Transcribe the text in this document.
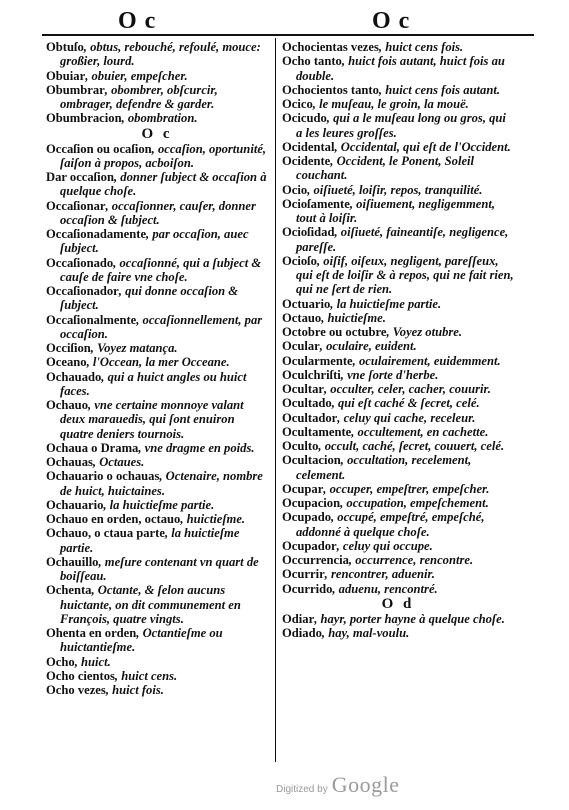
O c	O c

Obtuſo, obtus, rebouché, refoulé, mouce: großier, lourd.

Obuiar, obuier, empeſcher.

Obumbrar, obombrer, obſcurcir, ombrager, defendre & garder.

Obumbracion, obombration.

O c

Occaſion ou ocaſion, occaſion, oportunité, ſaiſon à propos, acboiſon.

Dar occaſion, donner ſubject & occaſion à quelque choſe.

Occaſionar, occaſionner, cauſer, donner occaſion & ſubject.

Occaſionadamente, par occaſion, auec ſubject.

Occaſionado, occaſionné, qui a ſubject & cauſe de faire vne choſe.

Occaſionador, qui donne occaſion & ſubject.

Occaſionalmente, occaſionnellement, par occaſion.

Occiſion, Voyez matança.

Oceano, l'Occean, la mer Occeane.

Ochauado, qui a huict angles ou huict faces.

Ochauo, vne certaine monnoye valant deux marauedis, qui ſont enuiron quatre deniers tournois.

Ochaua o Drama, vne dragme en poids.

Ochauas, Octaues.

Ochauario o ochauas, Octenaire, nombre de huict, huictaines.

Ochauario, la huictieſme partie.

Ochauo en orden, octauo, huictieſme.

Ochauo, o ctaua parte, la huictieſme partie.

Ochauillo, meſure contenant vn quart de boiſſeau.

Ochenta, Octante, & ſelon aucuns huictante, on dit communement en François, quatre vingts.

Ohenta en orden, Octantieſme ou huictantieſme.

Ocho, huict.

Ocho cientos, huict cens.

Ocho vezes, huict fois.

Ochocientas vezes, huict cens fois.

Ocho tanto, huict fois autant, huict fois au double.

Ochocientos tanto, huict cens fois autant.

Ocico, le muſeau, le groin, la mouë.

Ocicudo, qui a le muſeau long ou gros, qui a les leures groſſes.

Ocidental, Occidental, qui eſt de l'Occident.

Ocidente, Occident, le Ponent, Soleil couchant.

Ocio, oiſiueté, loiſir, repos, tranquilité.

Ocioſamente, oiſiuement, negligemment, tout à loiſir.

Ocioſidad, oiſiueté, faineantiſe, negligence, pareſſe.

Ocioſo, oiſif, oiſeux, negligent, pareſſeux, qui eſt de loiſir & à repos, qui ne fait rien, qui ne ſert de rien.

Octuario, la huictieſme partie.

Octauo, huictieſme.

Octobre ou octubre, Voyez otubre.

Ocular, oculaire, euident.

Ocularmente, oculairement, euidemment.

Oculchriſti, vne ſorte d'herbe.

Ocultar, occulter, celer, cacher, couurir.

Ocultado, qui eſt caché & ſecret, celé.

Ocultador, celuy qui cache, receleur.

Ocultamente, occultement, en cachette.

Oculto, occult, caché, ſecret, couuert, celé.

Ocultacion, occultation, recelement, celement.

Ocupar, occuper, empeſtrer, empeſcher.

Ocupacion, occupation, empeſchement.

Ocupado, occupé, empeſtré, empeſché, addonné à quelque choſe.

Ocupador, celuy qui occupe.

Occurrencia, occurrence, rencontre.

Ocurrir, rencontrer, aduenir.

Ocurrido, aduenu, rencontré.

O d

Odiar, hayr, porter hayne à quelque choſe.

Odiado, hay, mal-voulu.

Digitized by Google
